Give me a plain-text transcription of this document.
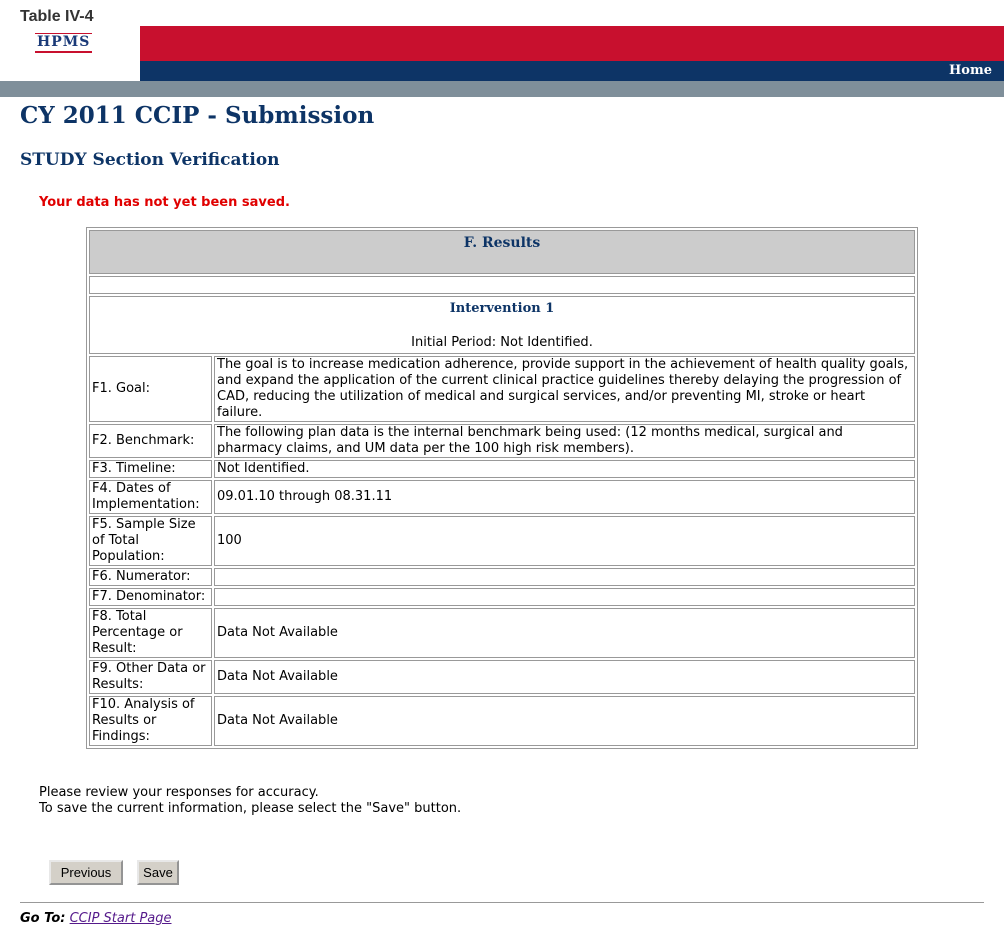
Table IV-4
HPMS
Home
CY 2011 CCIP - Submission
STUDY Section Verification
Your data has not yet been saved.
F. Results	

Intervention 1
Initial Period: Not Identified.	
F1. Goal:	The goal is to increase medication adherence, provide support in the achievement of health quality goals, and expand the application of the current clinical practice guidelines thereby delaying the progression of CAD, reducing the utilization of medical and surgical services, and/or preventing MI, stroke or heart failure.
F2. Benchmark:	The following plan data is the internal benchmark being used: (12 months medical, surgical and pharmacy claims, and UM data per the 100 high risk members).
F3. Timeline:	Not Identified.
F4. Dates of Implementation:	09.01.10 through 08.31.11
F5. Sample Size of Total Population:	100
F6. Numerator:	
F7. Denominator:	
F8. Total Percentage or Result:	Data Not Available
F9. Other Data or Results:	Data Not Available
F10. Analysis of Results or Findings:	Data Not Available
Please review your responses for accuracy.
To save the current information, please select the "Save" button.
Previous	Save
Go To: CCIP Start Page
